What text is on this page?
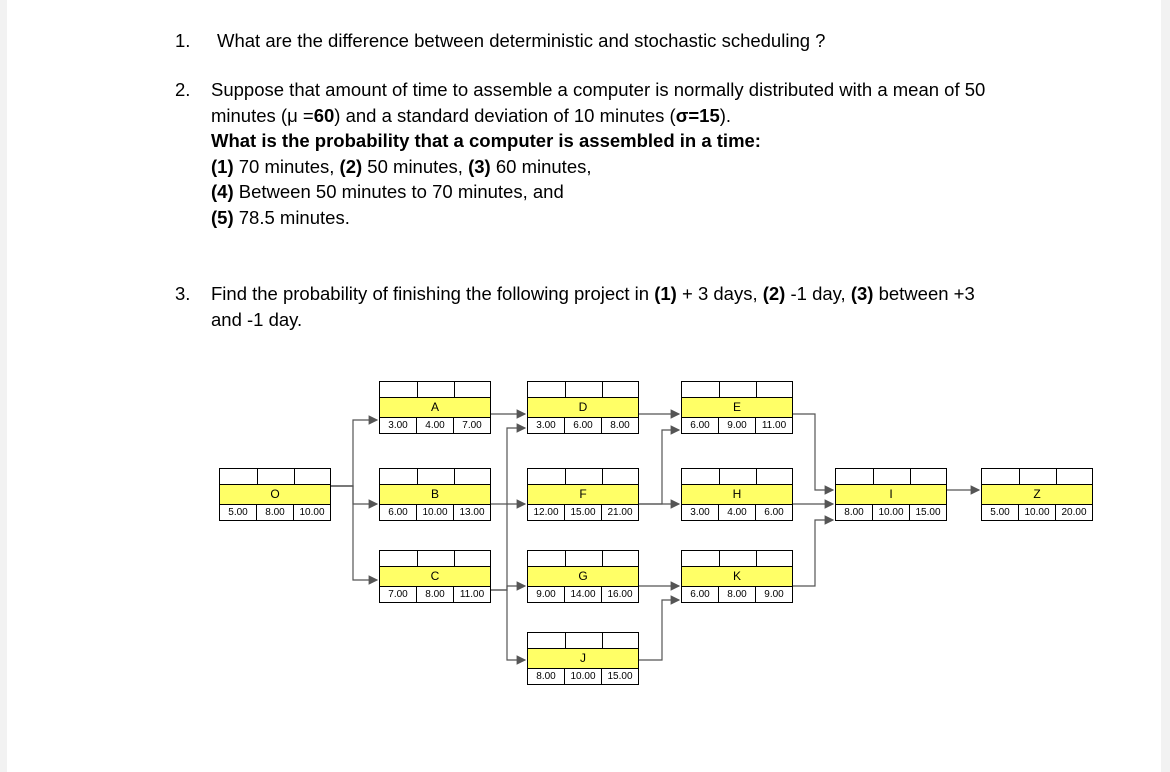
1. What are the difference between deterministic and stochastic scheduling ?
2. Suppose that amount of time to assemble a computer is normally distributed with a mean of 50
minutes (μ =60) and a standard deviation of 10 minutes (σ=15).
What is the probability that a computer is assembled in a time:
(1) 70 minutes, (2) 50 minutes, (3) 60 minutes,
(4) Between 50 minutes to 70 minutes, and
(5) 78.5 minutes.
3. Find the probability of finishing the following project in (1) + 3 days, (2) -1 day, (3) between +3
and -1 day.
O
5.00	8.00	10.00
A
3.00	4.00	7.00
B
6.00	10.00	13.00
C
7.00	8.00	11.00
D
3.00	6.00	8.00
F
12.00	15.00	21.00
G
9.00	14.00	16.00
J
8.00	10.00	15.00
E
6.00	9.00	11.00
H
3.00	4.00	6.00
K
6.00	8.00	9.00
I
8.00	10.00	15.00
Z
5.00	10.00	20.00
